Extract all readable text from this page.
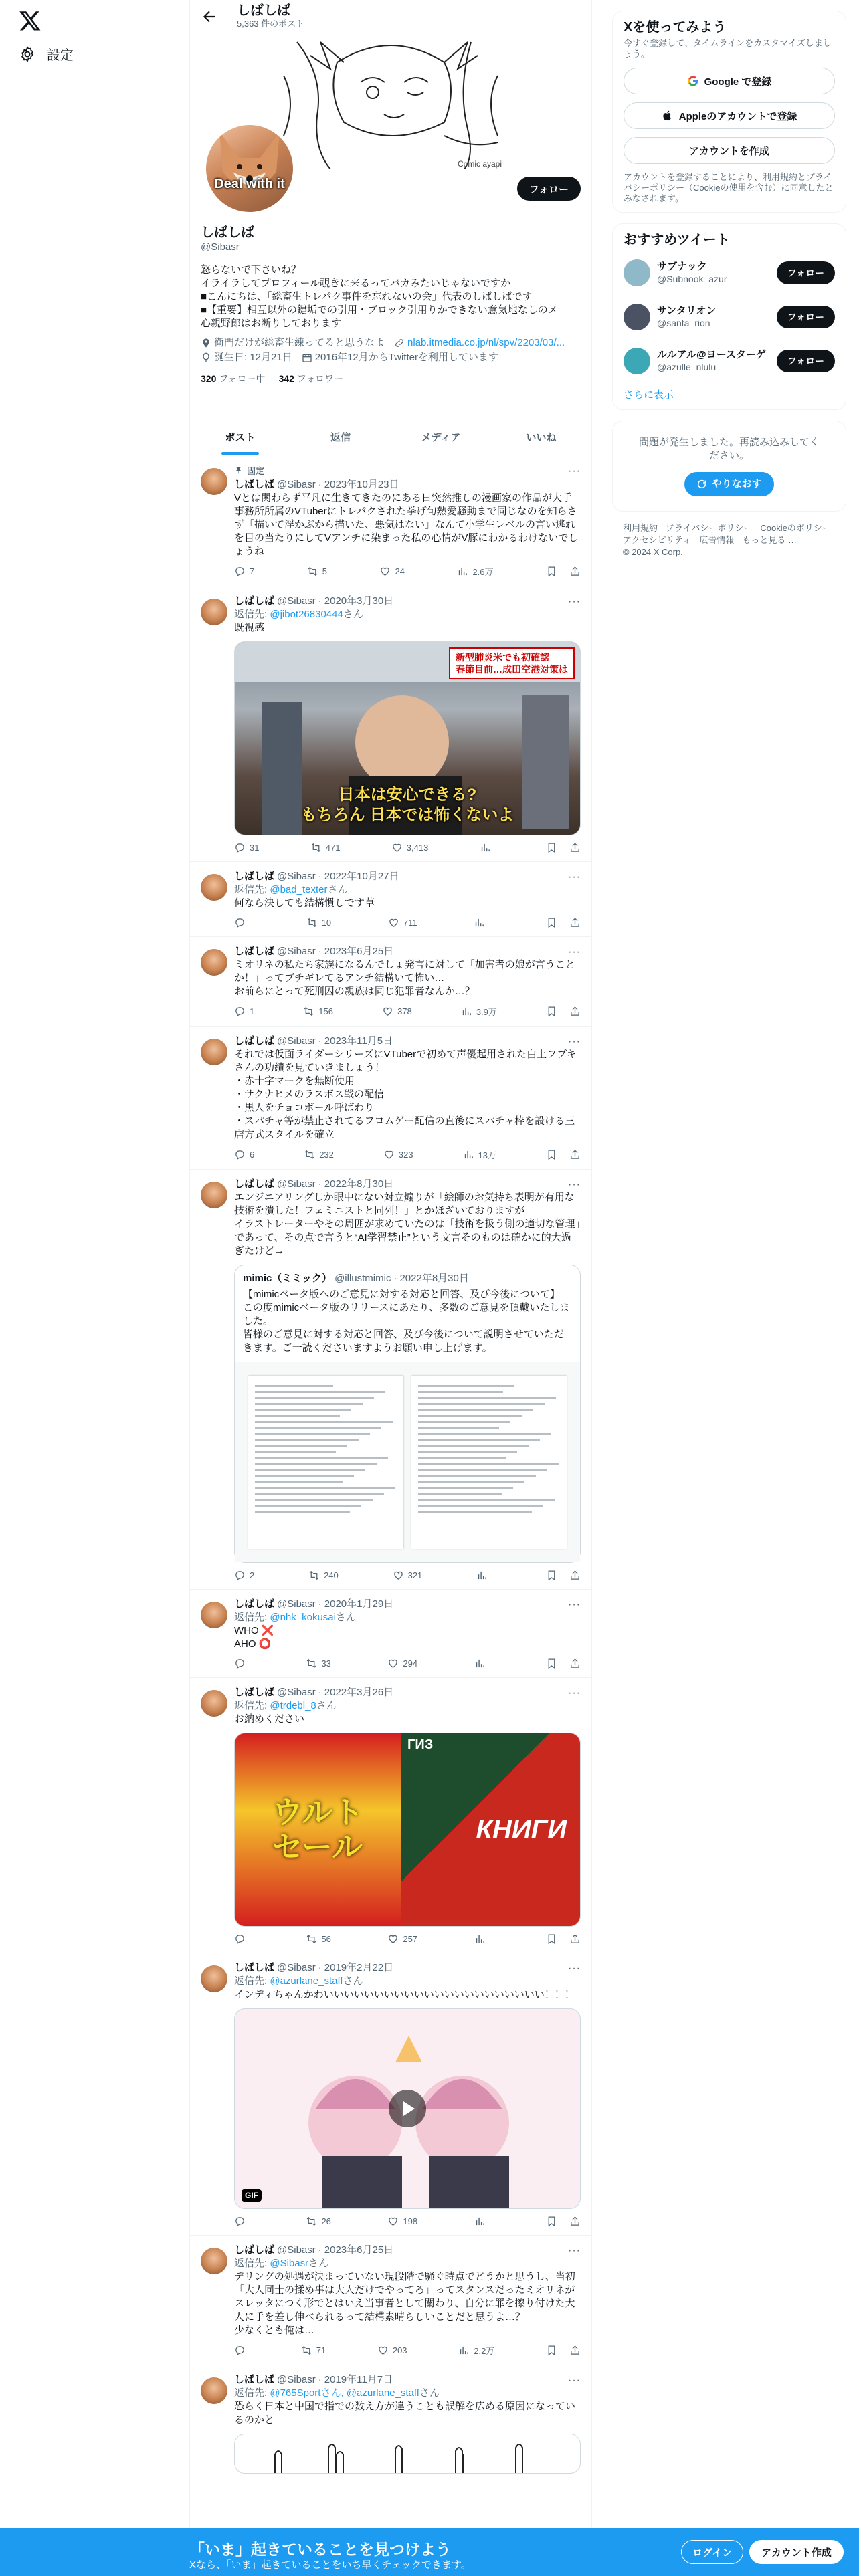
設定
しばしば
5,363 件のポスト
Comic ayapi
Deal with it	フォロー
しばしば
@Sibasr
怒らないで下さいね？
イライラしてプロフィール覗きに来るってバカみたいじゃないですか
■こんにちは、「総畜生トレパク事件を忘れないの会」代表のしばしばです
■【重要】相互以外の鍵垢での引用・ブロック引用りかできない意気地なしのメ
心親野郎はお断りしております
衛門だけが総畜生練ってると思うなよ nlab.itmedia.co.jp/nl/spv/2203/03/...
誕生日: 12月21日 2016年12月からTwitterを利用しています
320 フォロー中 342 フォロワー
ポスト	返信	メディア	いいね
···
固定
しばしば @Sibasr · 2023年10月23日
Vとは関わらず平凡に生きてきたのにある日突然推しの漫画家の作品が大手事務所所属のVTuberにトレパクされた挙げ句熱愛騒動まで同じなのを知らさず「描いて浮かぶから描いた、悪気はない」なんて小学生レベルの言い逃れを目の当たりにしてVアンチに染まった私の心情がV豚にわかるわけないでしょうね
7	5	24	2.6万
···
しばしば @Sibasr · 2020年3月30日
返信先: @jibot26830444さん
既視感
新型肺炎米でも初確認
春節目前…成田空港対策は
日本は安心できる?
もちろん 日本では怖くないよ
31	471	3,413
···
しばしば @Sibasr · 2022年10月27日
返信先: @bad_texterさん
何なら決しても結構慣しです草
10	711
···
しばしば @Sibasr · 2023年6月25日
ミオリネの私たち家族になるんでしょ発言に対して「加害者の娘が言うことか！」ってブチギレてるアンチ結構いて怖い…
お前らにとって死刑囚の親族は同じ犯罪者なんか…？
1	156	378	3.9万
···
しばしば @Sibasr · 2023年11月5日
それでは仮面ライダーシリーズにVTuberで初めて声優起用された白上フブキさんの功績を見ていきましょう！
・赤十字マークを無断使用
・サクナヒメのラスボス戦の配信
・黒人をチョコボール呼ばわり
・スパチャ等が禁止されてるフロムゲー配信の直後にスパチャ枠を設ける三店方式スタイルを確立
6	232	323	13万
···
しばしば @Sibasr · 2022年8月30日
エンジニアリングしか眼中にない対立煽りが「絵師のお気持ち表明が有用な技術を潰した！フェミニストと同列！」とかほざいておりますが
イラストレーターやその周囲が求めていたのは「技術を扱う側の適切な管理」であって、その点で言うと“AI学習禁止”という文言そのものは確かに的大過ぎたけど→
mimic（ミミック） @illustmimic · 2022年8月30日
【mimicベータ版へのご意見に対する対応と回答、及び今後について】
この度mimicベータ版のリリースにあたり、多数のご意見を頂戴いたしました。
皆様のご意見に対する対応と回答、及び今後について説明させていただきます。ご一読くださいますようお願い申し上げます。
2	240	321
···
しばしば @Sibasr · 2020年1月29日
返信先: @nhk_kokusaiさん
WHO ❌
AHO ⭕
33	294
···
しばしば @Sibasr · 2022年3月26日
返信先: @trdebl_8さん
お納めください
ウルト
セール
КНИГИ
ГИЗ
56	257
···
しばしば @Sibasr · 2019年2月22日
返信先: @azurlane_staffさん
インディちゃんかわいいいいいいいいいいいいいいいいいいいいいい！！！
GIF
26	198
···
しばしば @Sibasr · 2023年6月25日
返信先: @Sibasrさん
デリングの処遇が決まっていない現段階で騒ぐ時点でどうかと思うし、当初「大人同士の揉め事は大人だけでやってろ」ってスタンスだったミオリネがスレッタにつく形でとはいえ当事者として關わり、自分に罪を擦り付けた大人に手を差し伸べられるって結構素晴らしいことだと思うよ…？
少なくとも俺は…
71	203	2.2万
···
しばしば @Sibasr · 2019年11月7日
返信先: @765Sportさん, @azurlane_staffさん
恐らく日本と中国で指での数え方が違うことも誤解を広める原因になっているのかと
Xを使ってみよう
今すぐ登録して、タイムラインをカスタマイズしましょう。
Google で登録
Appleのアカウントで登録
アカウントを作成
アカウントを登録することにより、利用規約とプライバシーポリシー（Cookieの使用を含む）に同意したとみなされます。
おすすめツイート
サブナック
@Subnook_azur
フォロー
サンタリオン
@santa_rion
フォロー
ルルアル@ヨースターゲ
@azulle_nlulu
フォロー
さらに表示
問題が発生しました。再読み込みしてください。
やりなおす
利用規約 プライバシーポリシー Cookieのポリシー
アクセシビリティ 広告情報 もっと見る …
© 2024 X Corp.
「いま」起きていることを見つけよう
Xなら、「いま」起きていることをいち早くチェックできます。
ログイン	アカウント作成
